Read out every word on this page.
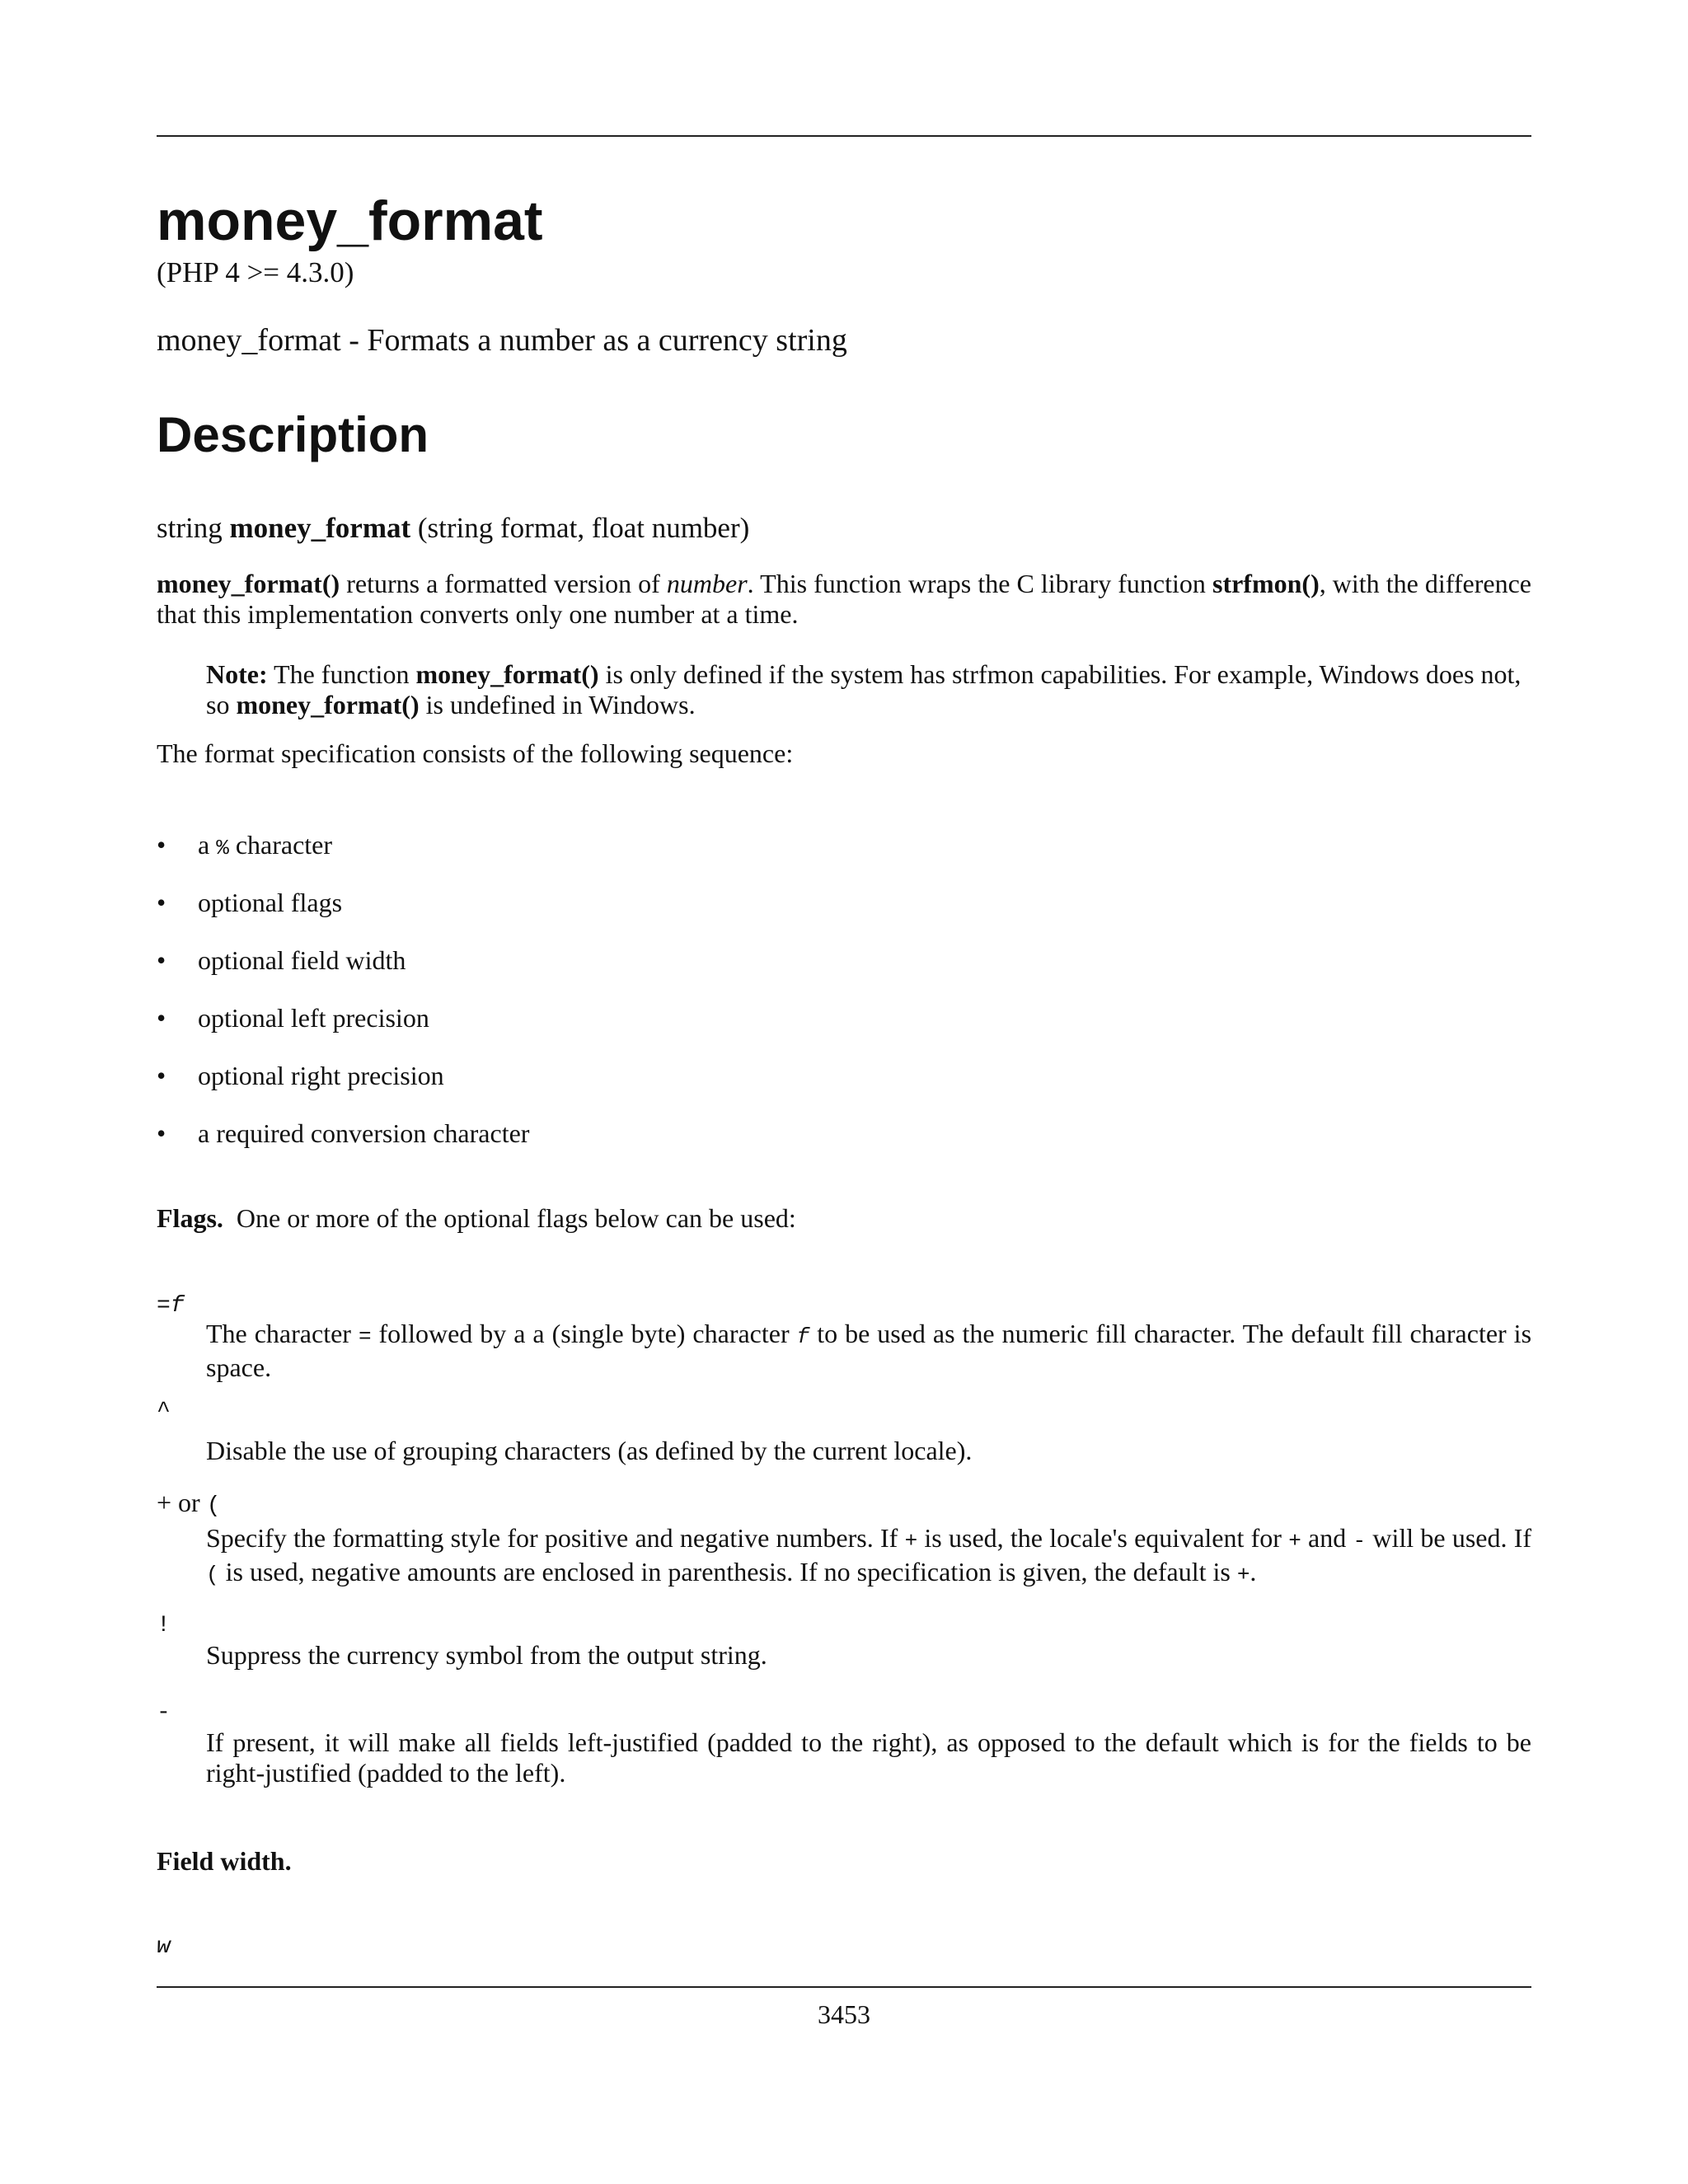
money_format
(PHP 4 >= 4.3.0)
money_format - Formats a number as a currency string
Description
string money_format (string format, float number)
money_format() returns a formatted version of number. This function wraps the C library function strfmon(), with the difference that this implementation converts only one number at a time.
Note: The function money_format() is only defined if the system has strfmon capabilities. For example, Windows does not, so money_format() is undefined in Windows.
The format specification consists of the following sequence:
• a % character
• optional flags
• optional field width
• optional left precision
• optional right precision
• a required conversion character
Flags. One or more of the optional flags below can be used:
=f
The character = followed by a a (single byte) character f to be used as the numeric fill character. The default fill character is space.
^
Disable the use of grouping characters (as defined by the current locale).
+ or (
Specify the formatting style for positive and negative numbers. If + is used, the locale's equivalent for + and - will be used. If ( is used, negative amounts are enclosed in parenthesis. If no specification is given, the default is +.
!
Suppress the currency symbol from the output string.
-
If present, it will make all fields left-justified (padded to the right), as opposed to the default which is for the fields to be right-justified (padded to the left).
Field width.
w
3453
